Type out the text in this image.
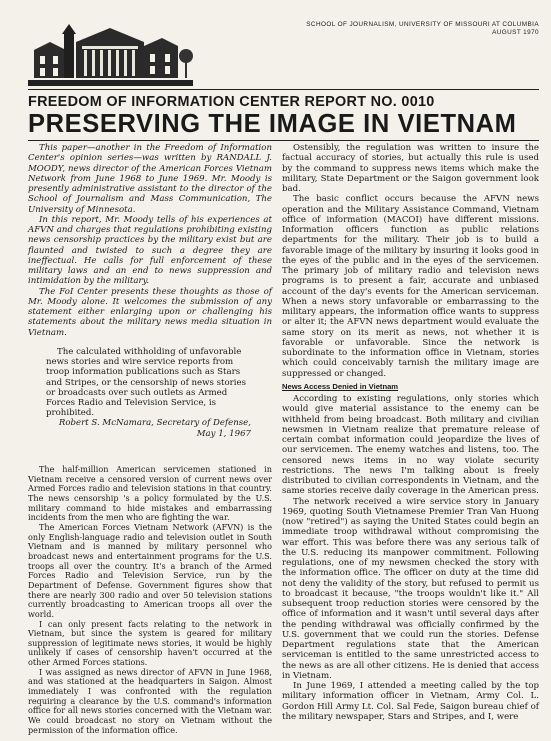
SCHOOL OF JOURNALISM, UNIVERSITY OF MISSOURI AT COLUMBIA
AUGUST 1970
FREEDOM OF INFORMATION CENTER REPORT NO. 0010
PRESERVING THE IMAGE IN VIETNAM

This paper—another in the Freedom of Information Center's opinion series—was written by RANDALL J. MOODY, news director of the American Forces Vietnam Network from June 1968 to June 1969. Mr. Moody is presently administrative assistant to the director of the School of Journalism and Mass Communication, The University of Minnesota.

In this report, Mr. Moody tells of his experiences at AFVN and charges that regulations prohibiting existing news censorship practices by the military exist but are flaunted and twisted to such a degree they are ineffectual. He calls for full enforcement of these military laws and an end to news suppression and intimidation by the military.

The FoI Center presents these thoughts as those of Mr. Moody alone. It welcomes the submission of any statement either enlarging upon or challenging his statements about the military news media situation in Vietnam.

The calculated withholding of unfavorable news stories and wire service reports from troop information publications such as Stars and Stripes, or the censorship of news stories or broadcasts over such outlets as Armed Forces Radio and Television Service, is prohibited.
Robert S. McNamara, Secretary of Defense,
May 1, 1967

The half-million American servicemen stationed in Vietnam receive a censored version of current news over Armed Forces radio and television stations in that country. The news censorship 's a policy formulated by the U.S. military command to hide mistakes and embarrassing incidents from the men who are fighting the war.

The American Forces Vietnam Network (AFVN) is the only English-language radio and television outlet in South Vietnam and is manned by military personnel who broadcast news and entertainment programs for the U.S. troops all over the country. It's a branch of the Armed Forces Radio and Television Service, run by the Department of Defense. Government figures show that there are nearly 300 radio and over 50 television stations currently broadcasting to American troops all over the world.

I can only present facts relating to the network in Vietnam, but since the system is geared for military suppression of legitimate news stories, it would be highly unlikely if cases of censorship haven't occurred at the other Armed Forces stations.

I was assigned as news director of AFVN in June 1968, and was stationed at the headquarters in Saigon. Almost immediately I was confronted with the regulation requiring a clearance by the U.S. command's information office for all news stories concerned with the Vietnam war. We could broadcast no story on Vietnam without the permission of the information office.

Ostensibly, the regulation was written to insure the factual accuracy of stories, but actually this rule is used by the command to suppress news items which make the military, State Department or the Saigon government look bad.

The basic conflict occurs because the AFVN news operation and the Military Assistance Command, Vietnam office of information (MACOI) have different missions. Information officers function as public relations departments for the military. Their job is to build a favorable image of the military by insuring it looks good in the eyes of the public and in the eyes of the servicemen. The primary job of military radio and television news programs is to present a fair, accurate and unbiased account of the day's events for the American serviceman. When a news story unfavorable or embarrassing to the military appears, the information office wants to suppress or alter it; the AFVN news department would evaluate the same story on its merit as news, not whether it is favorable or unfavorable. Since the network is subordinate to the information office in Vietnam, stories which could conceivably tarnish the military image are suppressed or changed.

News Access Denied in Vietnam

According to existing regulations, only stories which would give material assistance to the enemy can be withheld from being broadcast. Both military and civilian newsmen in Vietnam realize that premature release of certain combat information could jeopardize the lives of our servicemen. The enemy watches and listens, too. The censored news items in no way violate security restrictions. The news I'm talking about is freely distributed to civilian correspondents in Vietnam, and the same stories receive daily coverage in the American press.

The network received a wire service story in January 1969, quoting South Vietnamese Premier Tran Van Huong (now "retired") as saying the United States could begin an immediate troop withdrawal without compromising the war effort. This was before there was any serious talk of the U.S. reducing its manpower commitment. Following regulations, one of my newsmen checked the story with the information office. The officer on duty at the time did not deny the validity of the story, but refused to permit us to broadcast it because, "the troops wouldn't like it." All subsequent troop reduction stories were censored by the office of information and it wasn't until several days after the pending withdrawal was officially confirmed by the U.S. government that we could run the stories. Defense Department regulations state that the American serviceman is entitled to the same unrestricted access to the news as are all other citizens. He is denied that access in Vietnam.

In June 1969, I attended a meeting called by the top military information officer in Vietnam, Army Col. L. Gordon Hill Army Lt. Col. Sal Fede, Saigon bureau chief of the military newspaper, Stars and Stripes, and I, were
